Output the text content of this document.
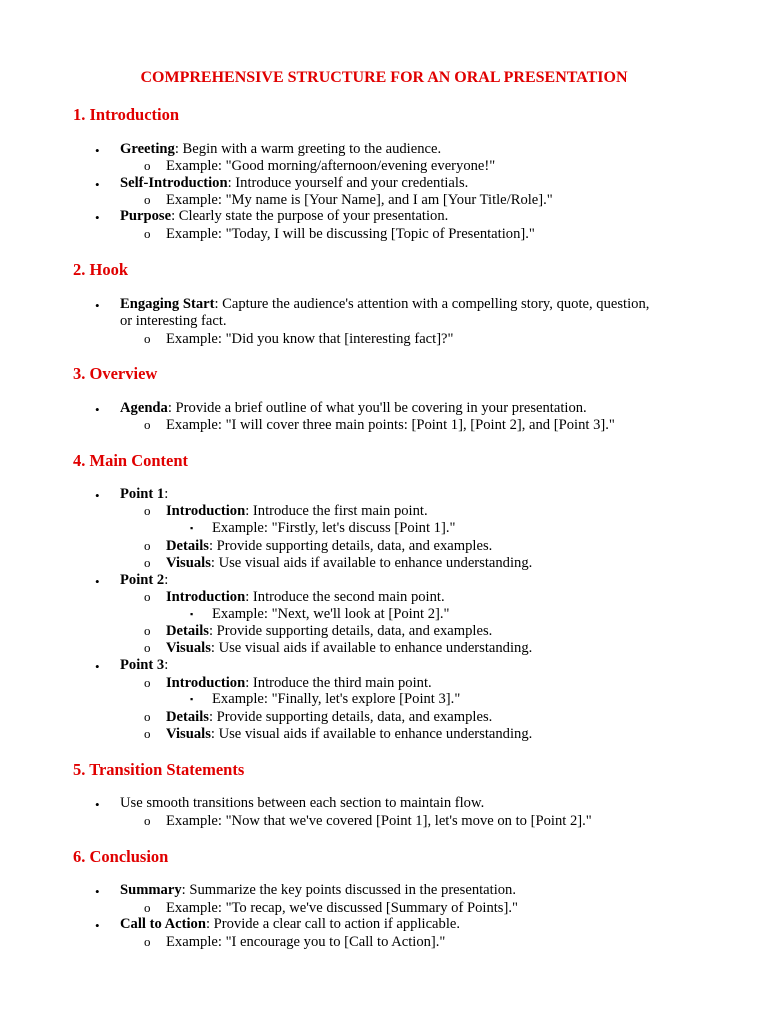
COMPREHENSIVE STRUCTURE FOR AN ORAL PRESENTATION
1. Introduction
• Greeting: Begin with a warm greeting to the audience.
o Example: "Good morning/afternoon/evening everyone!"
• Self-Introduction: Introduce yourself and your credentials.
o Example: "My name is [Your Name], and I am [Your Title/Role]."
• Purpose: Clearly state the purpose of your presentation.
o Example: "Today, I will be discussing [Topic of Presentation]."
2. Hook
• Engaging Start: Capture the audience's attention with a compelling story, quote, question,
or interesting fact.
o Example: "Did you know that [interesting fact]?"
3. Overview
• Agenda: Provide a brief outline of what you'll be covering in your presentation.
o Example: "I will cover three main points: [Point 1], [Point 2], and [Point 3]."
4. Main Content
• Point 1:
o Introduction: Introduce the first main point.
▪ Example: "Firstly, let's discuss [Point 1]."
o Details: Provide supporting details, data, and examples.
o Visuals: Use visual aids if available to enhance understanding.
• Point 2:
o Introduction: Introduce the second main point.
▪ Example: "Next, we'll look at [Point 2]."
o Details: Provide supporting details, data, and examples.
o Visuals: Use visual aids if available to enhance understanding.
• Point 3:
o Introduction: Introduce the third main point.
▪ Example: "Finally, let's explore [Point 3]."
o Details: Provide supporting details, data, and examples.
o Visuals: Use visual aids if available to enhance understanding.
5. Transition Statements
• Use smooth transitions between each section to maintain flow.
o Example: "Now that we've covered [Point 1], let's move on to [Point 2]."
6. Conclusion
• Summary: Summarize the key points discussed in the presentation.
o Example: "To recap, we've discussed [Summary of Points]."
• Call to Action: Provide a clear call to action if applicable.
o Example: "I encourage you to [Call to Action]."
